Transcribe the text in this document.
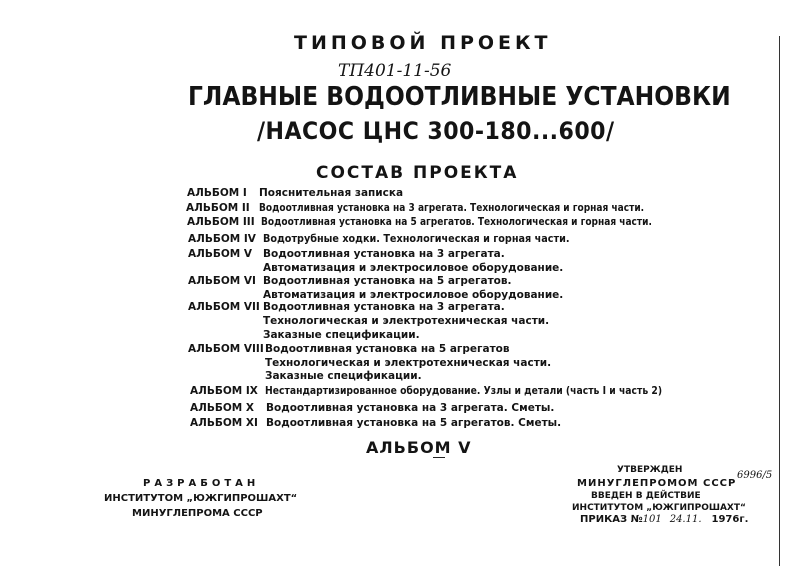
ТИПОВОЙ ПРОЕКТ
ТП401-11-56
ГЛАВНЫЕ ВОДООТЛИВНЫЕ УСТАНОВКИ
/НАСОС ЦНС 300-180...600/
СОСТАВ ПРОЕКТА
АЛЬБОМ I Пояснительная записка
АЛЬБОМ II Водоотливная установка на 3 агрегата. Технологическая и горная части.
АЛЬБОМ III Водоотливная установка на 5 агрегатов. Технологическая и горная части.
АЛЬБОМ IV Водотрубные ходки. Технологическая и горная части.
АЛЬБОМ V Водоотливная установка на 3 агрегата.
Автоматизация и электросиловое оборудование.
АЛЬБОМ VI Водоотливная установка на 5 агрегатов.
Автоматизация и электросиловое оборудование.
АЛЬБОМ VII Водоотливная установка на 3 агрегата.
Технологическая и электротехническая части.
Заказные спецификации.
АЛЬБОМ VIII Водоотливная установка на 5 агрегатов
Технологическая и электротехническая части.
Заказные спецификации.
АЛЬБОМ IX Нестандартизированное оборудование. Узлы и детали (часть I и часть 2)
АЛЬБОМ X Водоотливная установка на 3 агрегата. Сметы.
АЛЬБОМ XI Водоотливная установка на 5 агрегатов. Сметы.
АЛЬБОМ V
РАЗРАБОТАН
ИНСТИТУТОМ „ЮЖГИПРОШАХТ“
МИНУГЛЕПРОМА СССР
УТВЕРЖДЕН
МИНУГЛЕПРОМОМ СССР
ВВЕДЕН В ДЕЙСТВИЕ
ИНСТИТУТОМ „ЮЖГИПРОШАХТ“
ПРИКАЗ №101 24.11. 1976г.
6996/5
